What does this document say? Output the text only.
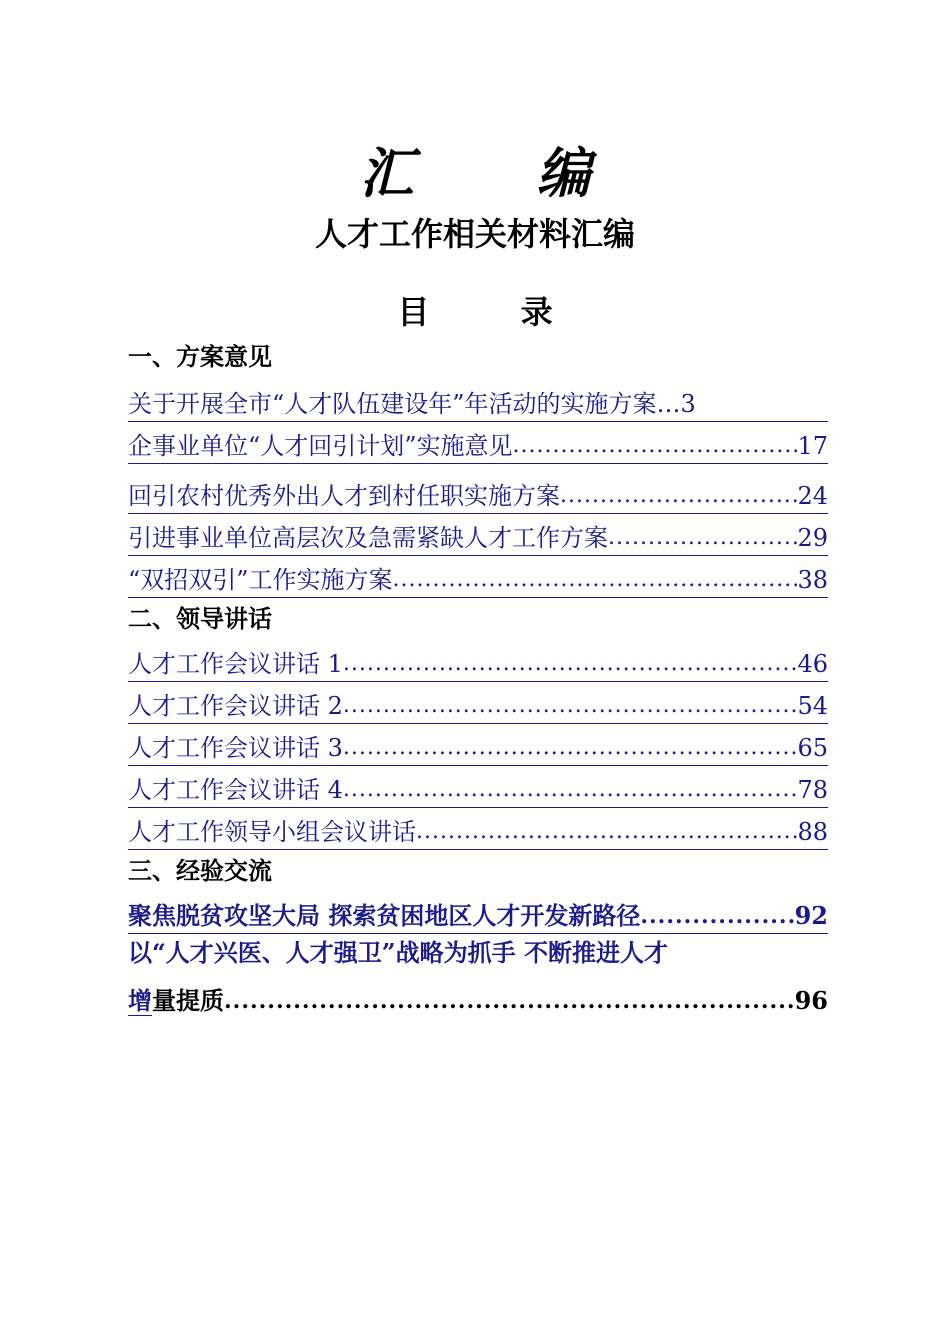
汇 编
人才工作相关材料汇编
目 录
一、方案意见
关于开展全市“人才队伍建设年”年活动的实施方案 …3
企事业单位“人才回引计划”实施意见 .....	17
回引农村优秀外出人才到村任职实施方案 .....	24
引进事业单位高层次及急需紧缺人才工作方案 .....	29
“双招双引”工作实施方案 .....	38
二、领导讲话
人才工作会议讲话 1 .....	46
人才工作会议讲话 2 .....	54
人才工作会议讲话 3 .....	65
人才工作会议讲话 4 .....	78
人才工作领导小组会议讲话 .....	88
三、经验交流
聚焦脱贫攻坚大局 探索贫困地区人才开发新路径 .....	92
以“人才兴医、人才强卫”战略为抓手 不断推进人才
增量提质 .....	96
